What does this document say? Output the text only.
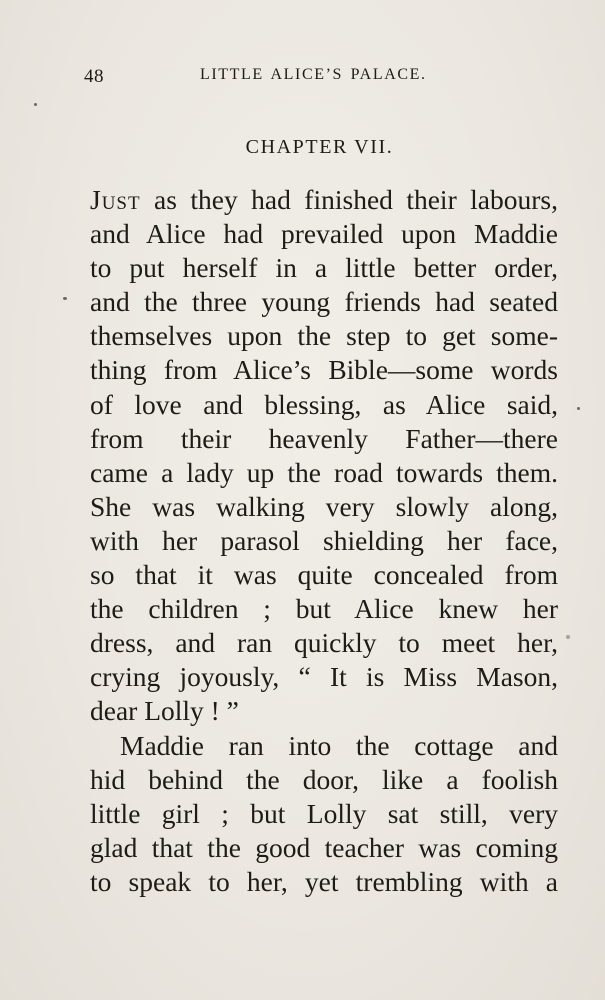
48	LITTLE ALICE’S PALACE.
CHAPTER VII.
Just as they had finished their labours,
and Alice had prevailed upon Maddie
to put herself in a little better order,
and the three young friends had seated
themselves upon the step to get some-
thing from Alice’s Bible—some words
of love and blessing, as Alice said,
from their heavenly Father—there
came a lady up the road towards them.
She was walking very slowly along,
with her parasol shielding her face,
so that it was quite concealed from
the children ; but Alice knew her
dress, and ran quickly to meet her,
crying joyously, “ It is Miss Mason,
dear Lolly ! ”
Maddie ran into the cottage and
hid behind the door, like a foolish
little girl ; but Lolly sat still, very
glad that the good teacher was coming
to speak to her, yet trembling with a
